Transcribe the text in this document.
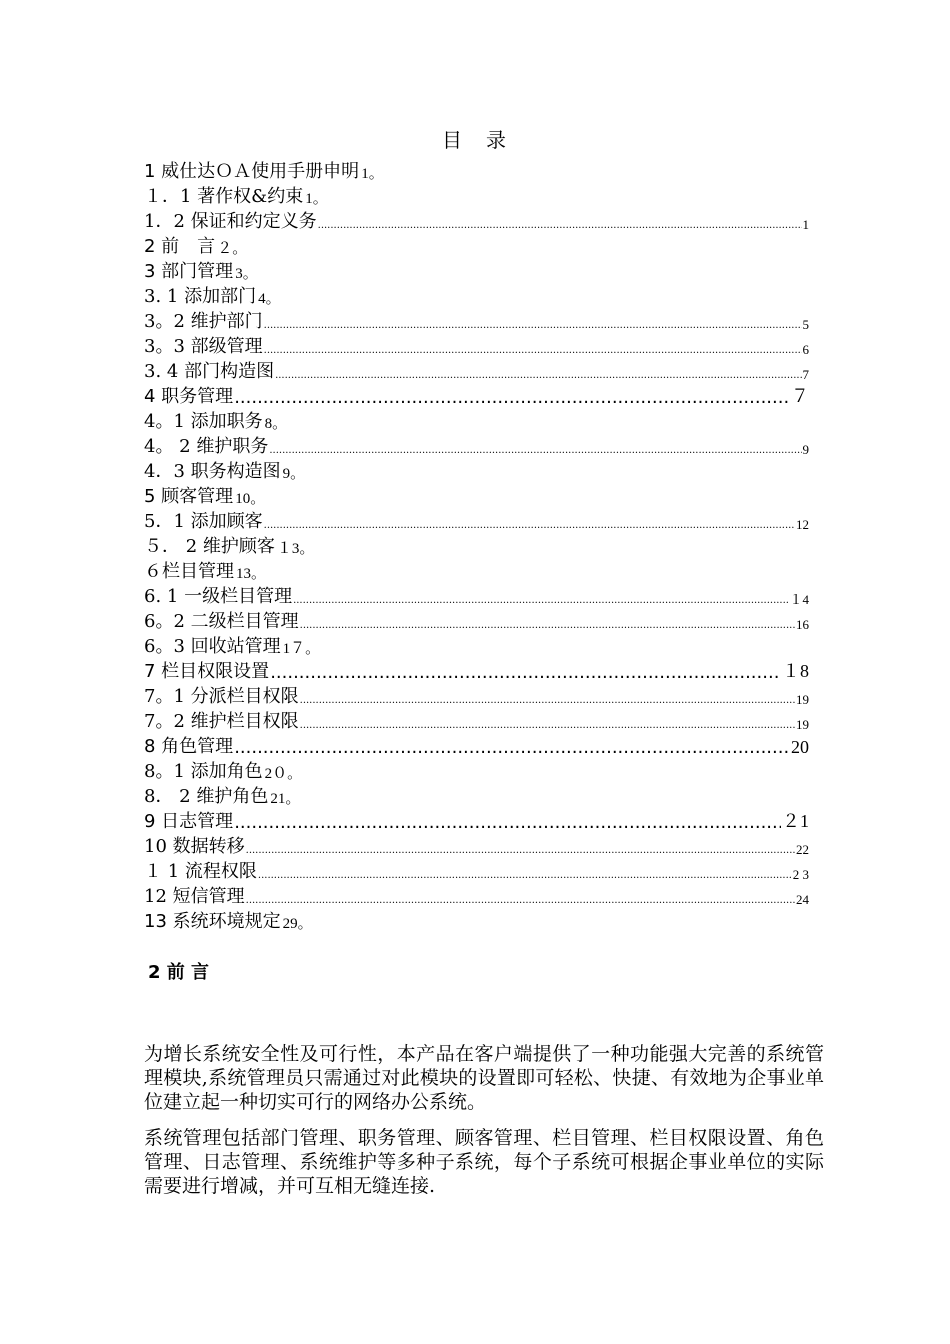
目　录
1 威仕达ＯＡ使用手册申明 1。
１．1 著作权&约束 1。
1．2 保证和约定义务 .....	1
2 前　言 ２。
3 部门管理 3。
3. 1 添加部门 4。
3。2 维护部门 .....	5
3。3 部级管理 .....	6
3. 4 部门构造图 .....	7
4 职务管理 .....	７
4。1 添加职务 8。
4。 2 维护职务 .....	9
4．3 职务构造图 9。
5 顾客管理 10。
5．1 添加顾客 .....	12
５． 2 维护顾客 １3。
６栏目管理 13。
6. 1 一级栏目管理 .....	１4
6。2 二级栏目管理 .....	16
6。3 回收站管理 1７。
7 栏目权限设置 .....	１8
7。1 分派栏目权限 .....	19
7。2 维护栏目权限 .....	19
8 角色管理 .....	20
8。1 添加角色 2０。
8． 2 维护角色 21。
9 日志管理 .....	２1
10 数据转移 .....	22
１ 1 流程权限 .....	2 3
12 短信管理 .....	24
13 系统环境规定 29。
2 前 言
为增长系统安全性及可行性，本产品在客户端提供了一种功能强大完善的系统管理模块,系统管理员只需通过对此模块的设置即可轻松、快捷、有效地为企事业单位建立起一种切实可行的网络办公系统。
系统管理包括部门管理、职务管理、顾客管理、栏目管理、栏目权限设置、角色管理、日志管理、系统维护等多种子系统，每个子系统可根据企事业单位的实际需要进行增减，并可互相无缝连接.
